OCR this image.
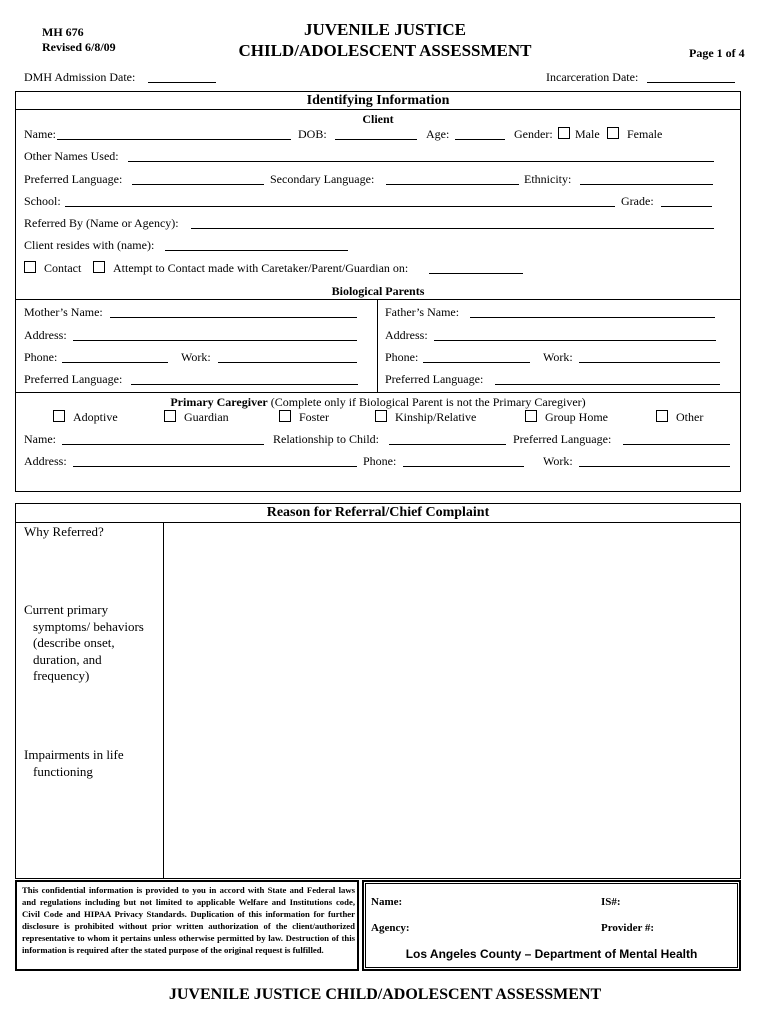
MH 676
Revised 6/8/09
JUVENILE JUSTICE
CHILD/ADOLESCENT ASSESSMENT	Page 1 of 4
DMH Admission Date:	Incarceration Date:
Identifying Information
Client
Name:	DOB:	Age:	Gender: Male Female
Other Names Used:
Preferred Language:	Secondary Language:	Ethnicity:
School:	Grade:
Referred By (Name or Agency):
Client resides with (name):
Contact	Attempt to Contact made with Caretaker/Parent/Guardian on:
Biological Parents
Mother’s Name:
Address:
Phone:	Work:
Preferred Language:
Father’s Name:
Address:
Phone:	Work:
Preferred Language:
Primary Caregiver (Complete only if Biological Parent is not the Primary Caregiver)
Adoptive	Guardian	Foster	Kinship/Relative	Group Home	Other
Name:	Relationship to Child:	Preferred Language:
Address:	Phone:	Work:
Reason for Referral/Chief Complaint
Why Referred?
Current primary
symptoms/ behaviors
(describe onset,
duration, and
frequency)
Impairments in life
functioning
This confidential information is provided to you in accord with State and Federal laws and regulations including but not limited to applicable Welfare and Institutions code, Civil Code and HIPAA Privacy Standards. Duplication of this information for further disclosure is prohibited without prior written authorization of the client/authorized representative to whom it pertains unless otherwise permitted by law. Destruction of this information is required after the stated purpose of the original request is fulfilled.
Name:	IS#:
Agency:	Provider #:
Los Angeles County – Department of Mental Health
JUVENILE JUSTICE CHILD/ADOLESCENT ASSESSMENT
